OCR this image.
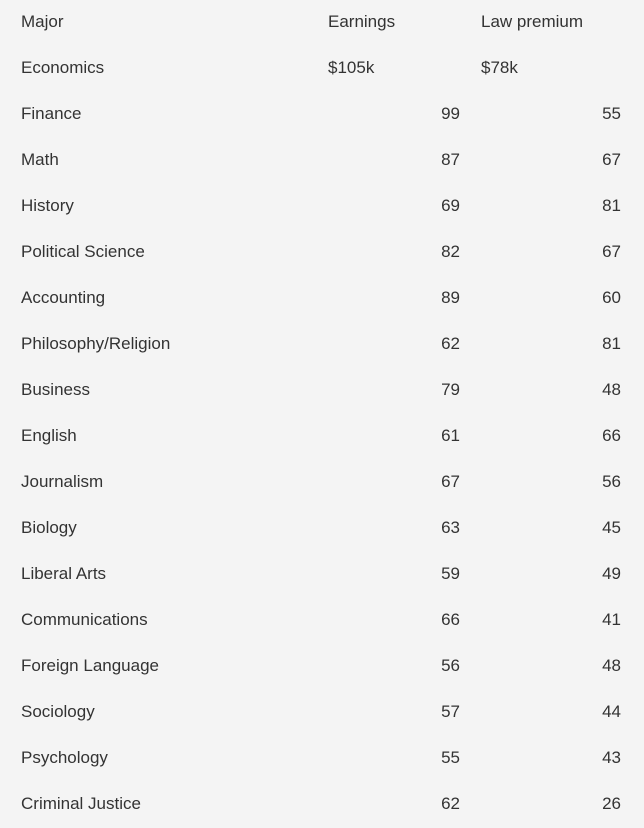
Major	Earnings	Law premium
Economics	$105k	$78k
Finance	99	55
Math	87	67
History	69	81
Political Science	82	67
Accounting	89	60
Philosophy/Religion	62	81
Business	79	48
English	61	66
Journalism	67	56
Biology	63	45
Liberal Arts	59	49
Communications	66	41
Foreign Language	56	48
Sociology	57	44
Psychology	55	43
Criminal Justice	62	26
